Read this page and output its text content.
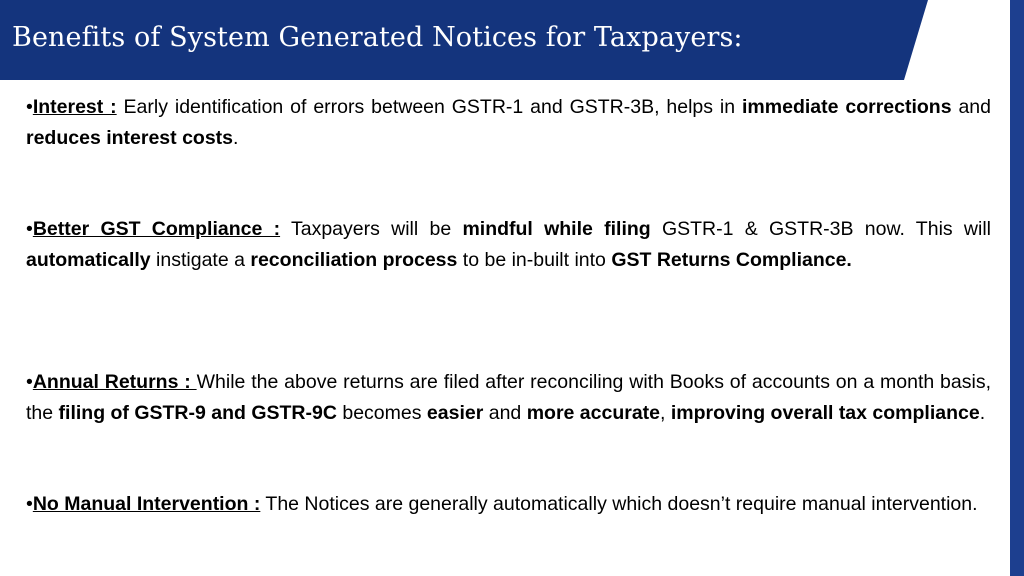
Benefits of System Generated Notices for Taxpayers:

•Interest : Early identification of errors between GSTR-1 and GSTR-3B, helps in immediate corrections and reduces interest costs.

•Better GST Compliance : Taxpayers will be mindful while filing GSTR-1 & GSTR-3B now. This will automatically instigate a reconciliation process to be in-built into GST Returns Compliance.

•Annual Returns : While the above returns are filed after reconciling with Books of accounts on a month basis, the filing of GSTR-9 and GSTR-9C becomes easier and more accurate, improving overall tax compliance.

•No Manual Intervention : The Notices are generally automatically which doesn’t require manual intervention.
